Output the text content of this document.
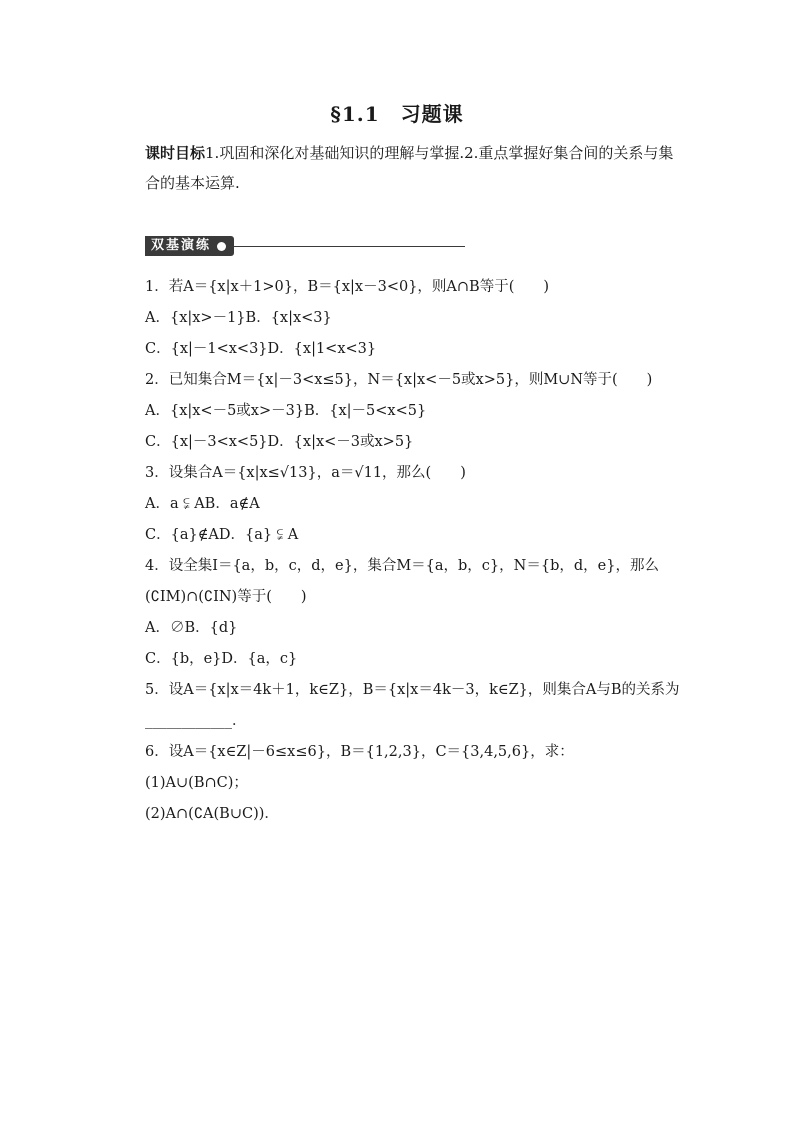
§1.1　习题课
课时目标1.巩固和深化对基础知识的理解与掌握.2.重点掌握好集合间的关系与集合的基本运算.
双基演练
1．若A＝{x|x＋1>0}，B＝{x|x－3<0}，则A∩B等于(　　)
A．{x|x>－1}B．{x|x<3}
C．{x|－1<x<3}D．{x|1<x<3}
2．已知集合M＝{x|－3<x≤5}，N＝{x|x<－5或x>5}，则M∪N等于(　　)
A．{x|x<－5或x>－3}B．{x|－5<x<5}
C．{x|－3<x<5}D．{x|x<－3或x>5}
3．设集合A＝{x|x≤√13}，a＝√11，那么(　　)
A．a ⫋ AB．a∉A
C．{a}∉AD．{a} ⫋ A
4．设全集I＝{a，b，c，d，e}，集合M＝{a，b，c}，N＝{b，d，e}，那么(∁IM)∩(∁IN)等于(　　)
A．∅B．{d}
C．{b，e}D．{a，c}
5．设A＝{x|x＝4k＋1，k∈Z}，B＝{x|x＝4k－3，k∈Z}，则集合A与B的关系为____________．
6．设A＝{x∈Z|－6≤x≤6}，B＝{1,2,3}，C＝{3,4,5,6}，求：
(1)A∪(B∩C)；
(2)A∩(∁A(B∪C))．
